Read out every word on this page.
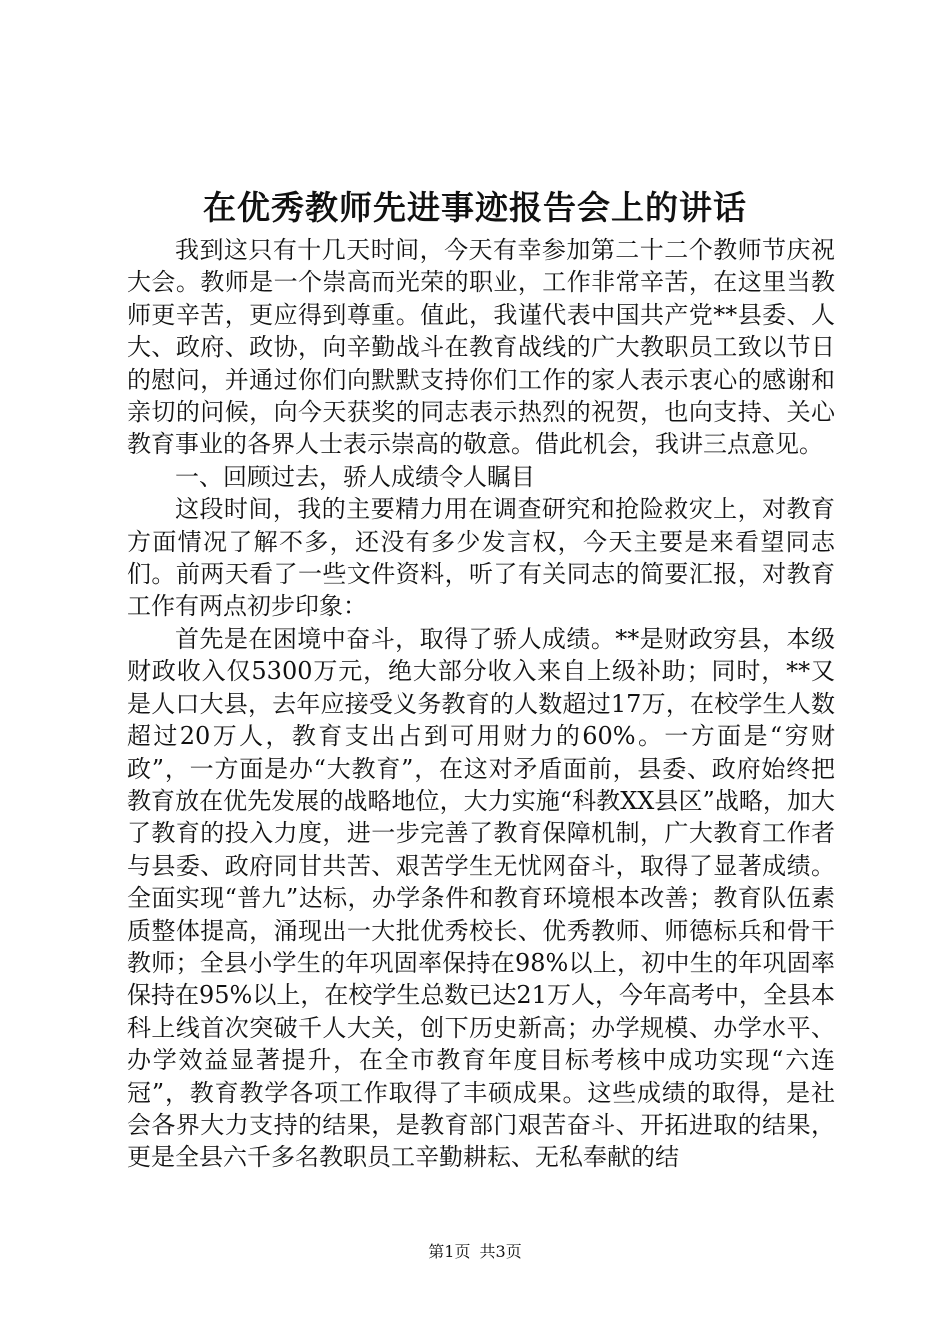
在优秀教师先进事迹报告会上的讲话

我到这只有十几天时间，今天有幸参加第二十二个教师节庆祝大会。教师是一个崇高而光荣的职业，工作非常辛苦，在这里当教师更辛苦，更应得到尊重。值此，我谨代表中国共产党**县委、人大、政府、政协，向辛勤战斗在教育战线的广大教职员工致以节日的慰问，并通过你们向默默支持你们工作的家人表示衷心的感谢和亲切的问候，向今天获奖的同志表示热烈的祝贺，也向支持、关心教育事业的各界人士表示崇高的敬意。借此机会，我讲三点意见。

一、回顾过去，骄人成绩令人瞩目

这段时间，我的主要精力用在调查研究和抢险救灾上，对教育方面情况了解不多，还没有多少发言权，今天主要是来看望同志们。前两天看了一些文件资料，听了有关同志的简要汇报，对教育工作有两点初步印象：

首先是在困境中奋斗，取得了骄人成绩。**是财政穷县，本级财政收入仅5300万元，绝大部分收入来自上级补助；同时，**又是人口大县，去年应接受义务教育的人数超过17万，在校学生人数超过20万人，教育支出占到可用财力的60%。一方面是“穷财政”，一方面是办“大教育”，在这对矛盾面前，县委、政府始终把教育放在优先发展的战略地位，大力实施“科教XX县区”战略，加大了教育的投入力度，进一步完善了教育保障机制，广大教育工作者与县委、政府同甘共苦、艰苦学生无忧网奋斗，取得了显著成绩。全面实现“普九”达标，办学条件和教育环境根本改善；教育队伍素质整体提高，涌现出一大批优秀校长、优秀教师、师德标兵和骨干教师；全县小学生的年巩固率保持在98%以上，初中生的年巩固率保持在95%以上，在校学生总数已达21万人，今年高考中，全县本科上线首次突破千人大关，创下历史新高；办学规模、办学水平、办学效益显著提升，在全市教育年度目标考核中成功实现“六连冠”，教育教学各项工作取得了丰硕成果。这些成绩的取得，是社会各界大力支持的结果，是教育部门艰苦奋斗、开拓进取的结果，更是全县六千多名教职员工辛勤耕耘、无私奉献的结

第1页 共3页
